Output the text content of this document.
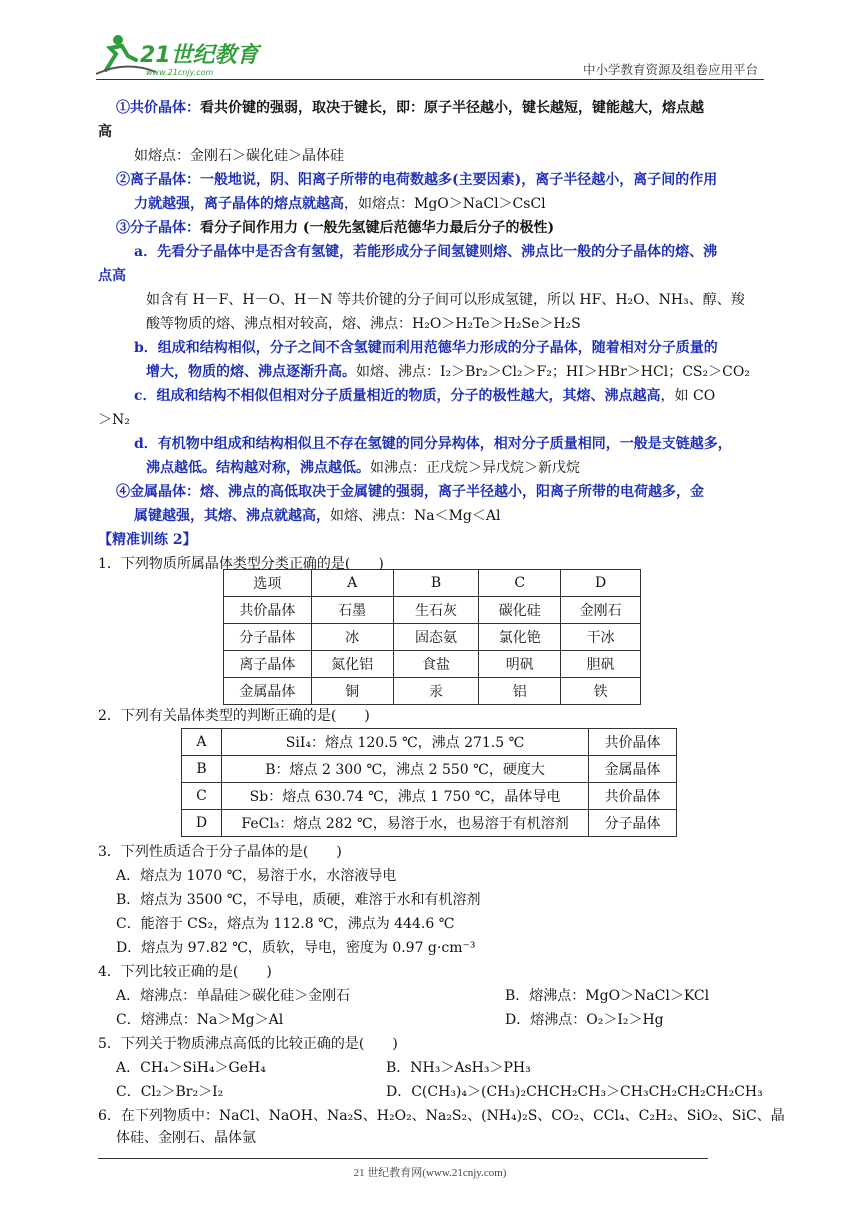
21世纪教育
www.21cnjy.com	中小学教育资源及组卷应用平台
①共价晶体：看共价键的强弱，取决于键长，即：原子半径越小，键长越短，键能越大，熔点越
高
如熔点：金刚石＞碳化硅＞晶体硅
②离子晶体：一般地说，阴、阳离子所带的电荷数越多(主要因素)，离子半径越小，离子间的作用
力就越强，离子晶体的熔点就越高，如熔点：MgO＞NaCl＞CsCl
③分子晶体：看分子间作用力 (一般先氢键后范德华力最后分子的极性)
a．先看分子晶体中是否含有氢键，若能形成分子间氢键则熔、沸点比一般的分子晶体的熔、沸
点高
如含有 H－F、H－O、H－N 等共价键的分子间可以形成氢键，所以 HF、H₂O、NH₃、醇、羧
酸等物质的熔、沸点相对较高，熔、沸点：H₂O＞H₂Te＞H₂Se＞H₂S
b．组成和结构相似，分子之间不含氢键而利用范德华力形成的分子晶体，随着相对分子质量的
增大，物质的熔、沸点逐渐升高。如熔、沸点：I₂＞Br₂＞Cl₂＞F₂；HI＞HBr＞HCl；CS₂＞CO₂
c．组成和结构不相似但相对分子质量相近的物质，分子的极性越大，其熔、沸点越高，如 CO
＞N₂
d．有机物中组成和结构相似且不存在氢键的同分异构体，相对分子质量相同，一般是支链越多，
沸点越低。结构越对称，沸点越低。如沸点：正戊烷＞异戊烷＞新戊烷
④金属晶体：熔、沸点的高低取决于金属键的强弱，离子半径越小，阳离子所带的电荷越多，金
属键越强，其熔、沸点就越高，如熔、沸点：Na＜Mg＜Al
【精准训练 2】
1．下列物质所属晶体类型分类正确的是(　　)
选项	A	B	C	D
共价晶体	石墨	生石灰	碳化硅	金刚石
分子晶体	冰	固态氨	氯化铯	干冰
离子晶体	氮化铝	食盐	明矾	胆矾
金属晶体	铜	汞	铝	铁
2．下列有关晶体类型的判断正确的是(　　)
A	SiI₄：熔点 120.5 ℃，沸点 271.5 ℃	共价晶体
B	B：熔点 2 300 ℃，沸点 2 550 ℃，硬度大	金属晶体
C	Sb：熔点 630.74 ℃，沸点 1 750 ℃，晶体导电	共价晶体
D	FeCl₃：熔点 282 ℃，易溶于水，也易溶于有机溶剂	分子晶体
3．下列性质适合于分子晶体的是(　　)
A．熔点为 1070 ℃，易溶于水，水溶液导电
B．熔点为 3500 ℃，不导电，质硬，难溶于水和有机溶剂
C．能溶于 CS₂，熔点为 112.8 ℃，沸点为 444.6 ℃
D．熔点为 97.82 ℃，质软，导电，密度为 0.97 g·cm⁻³
4．下列比较正确的是(　　)
A．熔沸点：单晶硅＞碳化硅＞金刚石	B．熔沸点：MgO＞NaCl＞KCl
C．熔沸点：Na＞Mg＞Al	D．熔沸点：O₂＞I₂＞Hg
5．下列关于物质沸点高低的比较正确的是(　　)
A．CH₄＞SiH₄＞GeH₄	B．NH₃＞AsH₃＞PH₃
C．Cl₂＞Br₂＞I₂	D．C(CH₃)₄＞(CH₃)₂CHCH₂CH₃＞CH₃CH₂CH₂CH₂CH₃
6．在下列物质中：NaCl、NaOH、Na₂S、H₂O₂、Na₂S₂、(NH₄)₂S、CO₂、CCl₄、C₂H₂、SiO₂、SiC、晶
体硅、金刚石、晶体氩
21 世纪教育网(www.21cnjy.com)
